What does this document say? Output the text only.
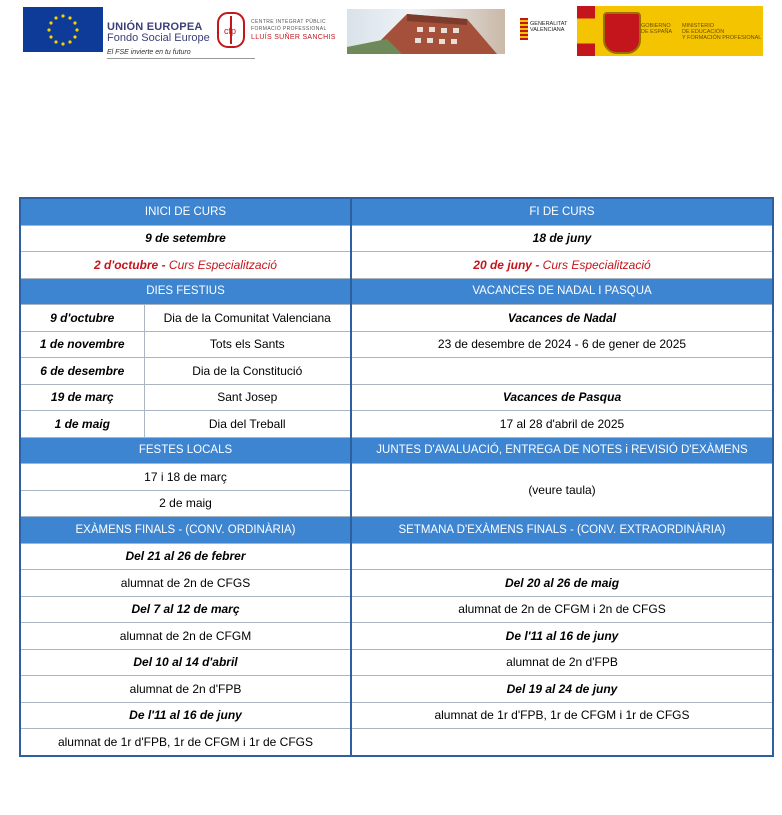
UNIÓN EUROPEA
Fondo Social Europe
El FSE invierte en tu futuro
cfp
CENTRE INTEGRAT PÚBLIC
FORMACIÓ PROFESSIONAL
LLUÍS SUÑER SANCHIS
GENERALITAT
VALENCIANA
GOBIERNO
DE ESPAÑA
MINISTERIO
DE EDUCACIÓN
Y FORMACIÓN PROFESIONAL
INICI DE CURS		FI DE CURS
9 de setembre		18 de juny
2 d'octubre - Curs Especialització		20 de juny - Curs Especialització
DIES FESTIUS		VACANCES DE NADAL I PASQUA
9 d'octubre	Dia de la Comunitat Valenciana	Vacances de Nadal
1 de novembre	Tots els Sants	23 de desembre de 2024 - 6 de gener de 2025
6 de desembre	Dia de la Constitució	
19 de març	Sant Josep	Vacances de Pasqua
1 de maig	Dia del Treball	17 al 28 d'abril de 2025
FESTES LOCALS		JUNTES D'AVALUACIÓ, ENTREGA DE NOTES i REVISIÓ D'EXÀMENS
17 i 18 de març		(veure taula)
2 de maig		
EXÀMENS FINALS - (CONV. ORDINÀRIA)		SETMANA D'EXÀMENS FINALS - (CONV. EXTRAORDINÀRIA)
Del 21 al 26 de febrer		
alumnat de 2n de CFGS		Del 20 al 26 de maig
Del 7 al 12 de març		alumnat de 2n de CFGM i 2n de CFGS
alumnat de 2n de CFGM		De l'11 al 16 de juny
Del 10 al 14 d'abril		alumnat de 2n d'FPB
alumnat de 2n d'FPB		Del 19 al 24 de juny
De l'11 al 16 de juny		alumnat de 1r d'FPB, 1r de CFGM i 1r de CFGS
alumnat de 1r d'FPB, 1r de CFGM i 1r de CFGS		
